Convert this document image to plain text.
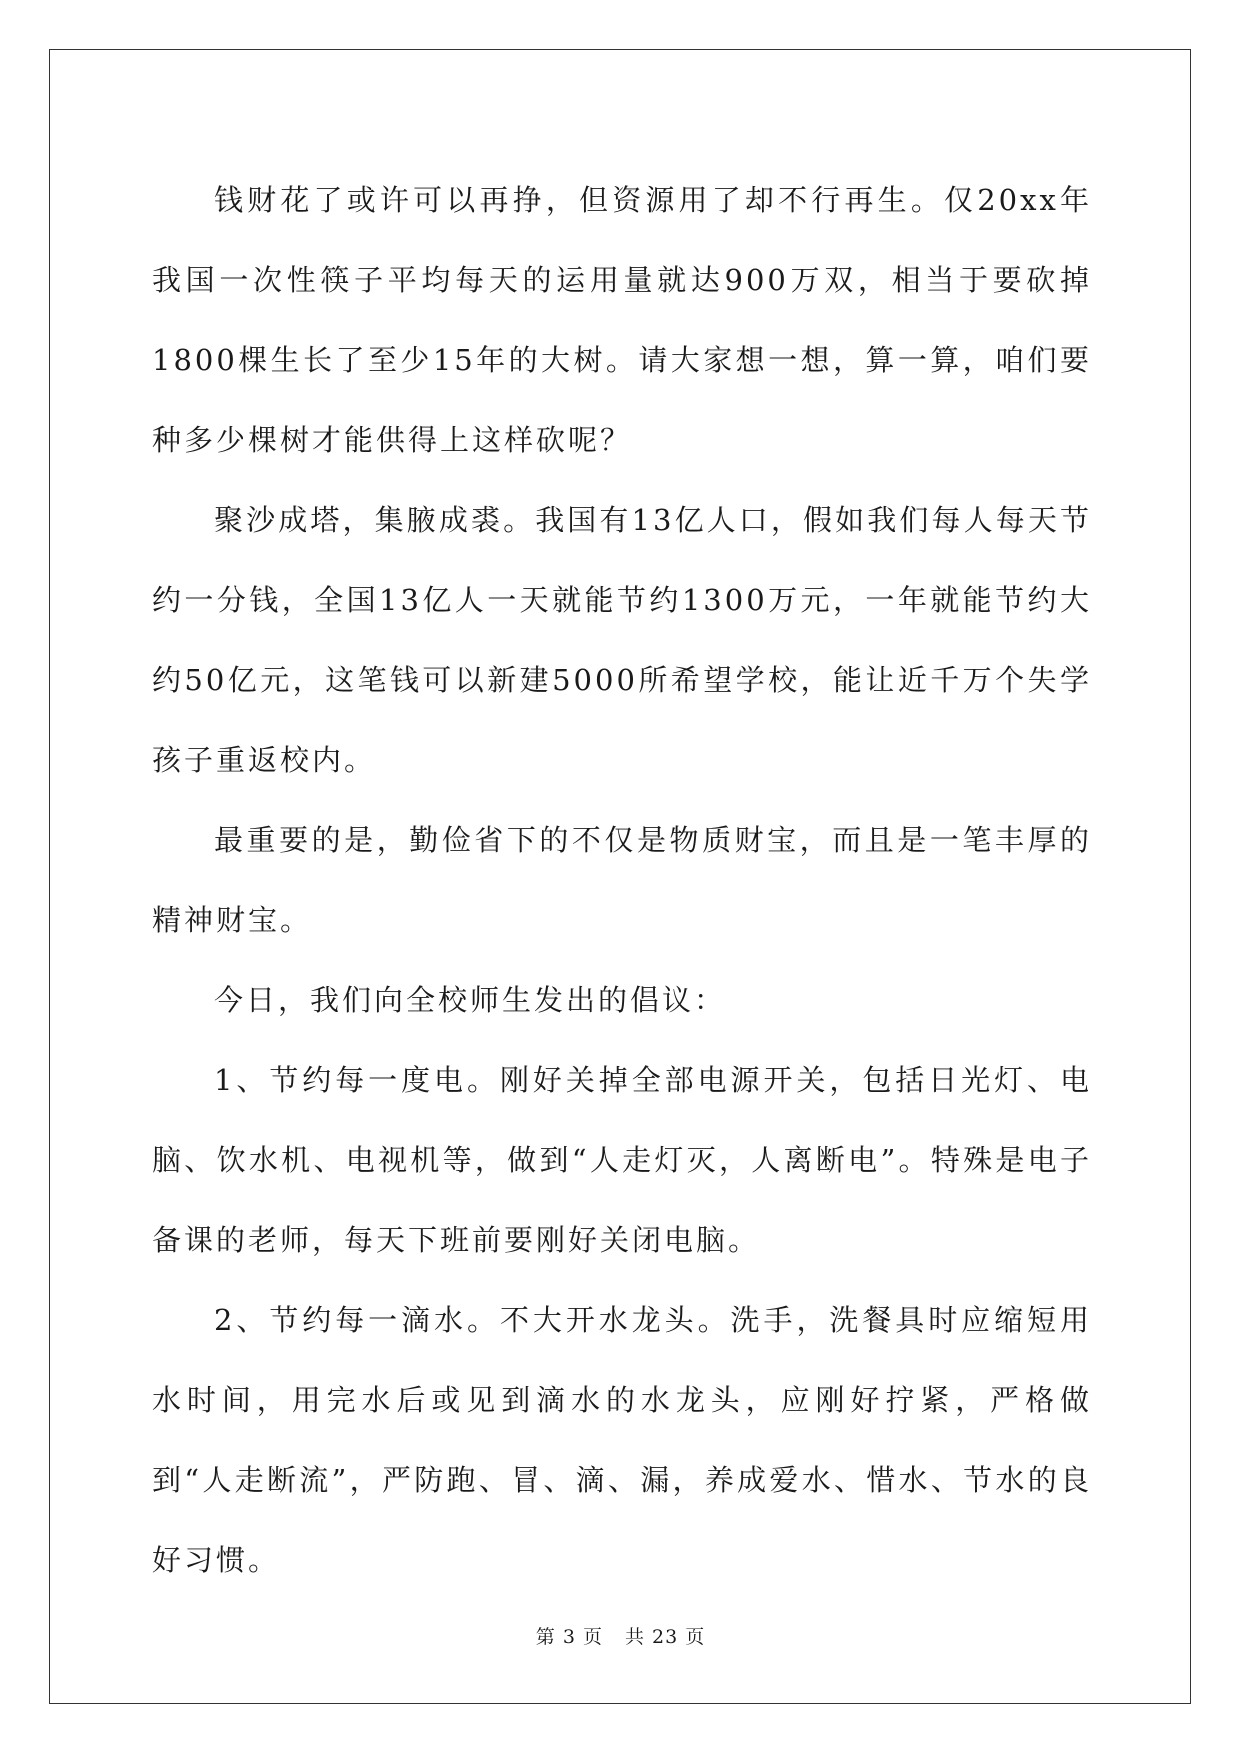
钱财花了或许可以再挣，但资源用了却不行再生。仅20xx年我国一次性筷子平均每天的运用量就达900万双，相当于要砍掉1800棵生长了至少15年的大树。请大家想一想，算一算，咱们要种多少棵树才能供得上这样砍呢？

聚沙成塔，集腋成裘。我国有13亿人口，假如我们每人每天节约一分钱，全国13亿人一天就能节约1300万元，一年就能节约大约50亿元，这笔钱可以新建5000所希望学校，能让近千万个失学孩子重返校内。

最重要的是，勤俭省下的不仅是物质财宝，而且是一笔丰厚的精神财宝。

今日，我们向全校师生发出的倡议：

1、节约每一度电。刚好关掉全部电源开关，包括日光灯、电脑、饮水机、电视机等，做到“人走灯灭，人离断电”。特殊是电子备课的老师，每天下班前要刚好关闭电脑。

2、节约每一滴水。不大开水龙头。洗手，洗餐具时应缩短用水时间，用完水后或见到滴水的水龙头，应刚好拧紧，严格做到“人走断流”，严防跑、冒、滴、漏，养成爱水、惜水、节水的良好习惯。

第 3 页 共 23 页
